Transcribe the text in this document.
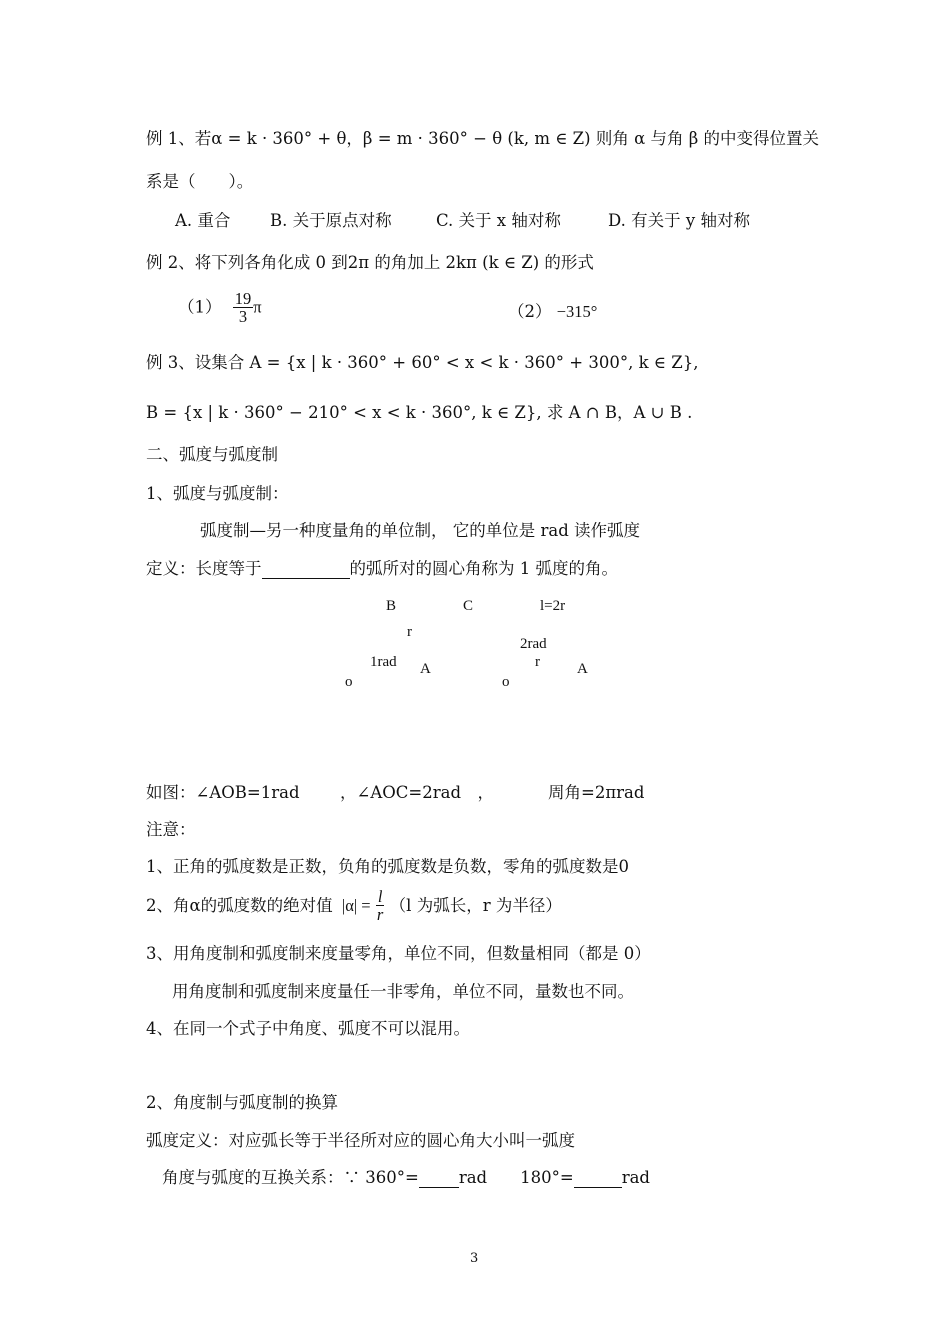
例 1、若α = k · 360° + θ，β = m · 360° − θ (k, m ∈ Z) 则角 α 与角 β 的中变得位置关
系是（　　）。
A. 重合 B. 关于原点对称	C. 关于 x 轴对称	D. 有关于 y 轴对称
例 2、将下列各角化成 0 到2π 的角加上 2kπ (k ∈ Z) 的形式
$(1) \frac{19}{3}$ π	（2） −315°
例 3、设集合 A = {x | k · 360° + 60° < x < k · 360° + 300°, k ∈ Z},
B = {x | k · 360° − 210° < x < k · 360°, k ∈ Z}, 求 A ∩ B，A ∪ B .
二、弧度与弧度制
1、弧度与弧度制：
弧度制—另一种度量角的单位制， 它的单位是 rad 读作弧度
定义：长度等于	的弧所对的圆心角称为 1 弧度的角。
B	C	l=2r
r
2rad
1rad	r
A	A
o	o
如图：∠AOB=1rad ，∠AOC=2rad　，	周角=2πrad
注意：
1、正角的弧度数是正数，负角的弧度数是负数，零角的弧度数是0
2、角α的弧度数的绝对值 $|\alpha| = \frac{l}{r} (l$ 为弧长，r 为半径）
3、用角度制和弧度制来度量零角，单位不同，但数量相同（都是 0）
用角度制和弧度制来度量任一非零角，单位不同，量数也不同。
4、在同一个式子中角度、弧度不可以混用。
2、角度制与弧度制的换算
弧度定义：对应弧长等于半径所对应的圆心角大小叫一弧度
角度与弧度的互换关系：∵ 360°= rad　　180°=	rad
3
